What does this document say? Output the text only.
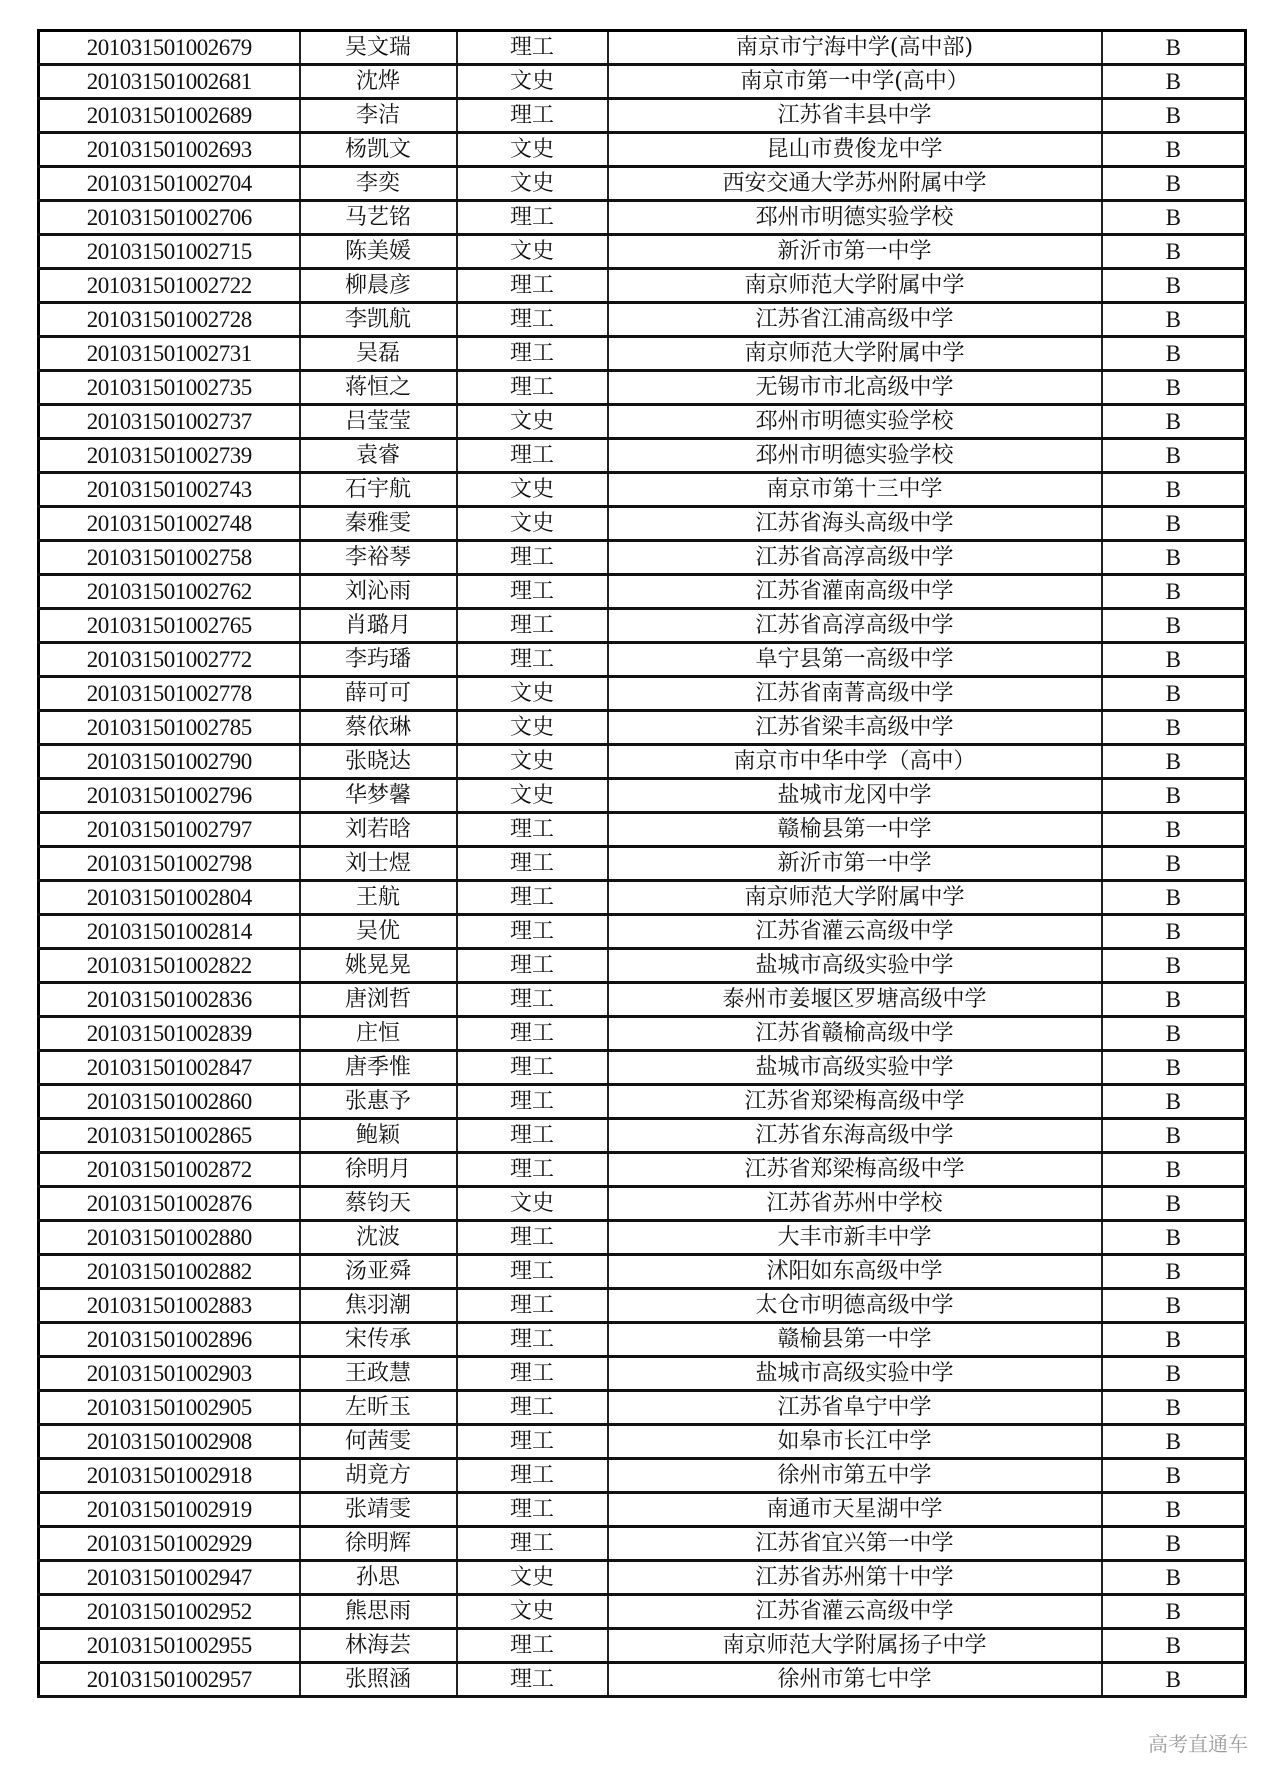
201031501002679	吴文瑞	理工	南京市宁海中学(高中部)	B
201031501002681	沈烨	文史	南京市第一中学(高中）	B
201031501002689	李洁	理工	江苏省丰县中学	B
201031501002693	杨凯文	文史	昆山市费俊龙中学	B
201031501002704	李奕	文史	西安交通大学苏州附属中学	B
201031501002706	马艺铭	理工	邳州市明德实验学校	B
201031501002715	陈美媛	文史	新沂市第一中学	B
201031501002722	柳晨彦	理工	南京师范大学附属中学	B
201031501002728	李凯航	理工	江苏省江浦高级中学	B
201031501002731	吴磊	理工	南京师范大学附属中学	B
201031501002735	蒋恒之	理工	无锡市市北高级中学	B
201031501002737	吕莹莹	文史	邳州市明德实验学校	B
201031501002739	袁睿	理工	邳州市明德实验学校	B
201031501002743	石宇航	文史	南京市第十三中学	B
201031501002748	秦雅雯	文史	江苏省海头高级中学	B
201031501002758	李裕琴	理工	江苏省高淳高级中学	B
201031501002762	刘沁雨	理工	江苏省灌南高级中学	B
201031501002765	肖璐月	理工	江苏省高淳高级中学	B
201031501002772	李玙璠	理工	阜宁县第一高级中学	B
201031501002778	薛可可	文史	江苏省南菁高级中学	B
201031501002785	蔡依琳	文史	江苏省梁丰高级中学	B
201031501002790	张晓达	文史	南京市中华中学（高中）	B
201031501002796	华梦馨	文史	盐城市龙冈中学	B
201031501002797	刘若晗	理工	赣榆县第一中学	B
201031501002798	刘士煜	理工	新沂市第一中学	B
201031501002804	王航	理工	南京师范大学附属中学	B
201031501002814	吴优	理工	江苏省灌云高级中学	B
201031501002822	姚晃晃	理工	盐城市高级实验中学	B
201031501002836	唐浏哲	理工	泰州市姜堰区罗塘高级中学	B
201031501002839	庄恒	理工	江苏省赣榆高级中学	B
201031501002847	唐季惟	理工	盐城市高级实验中学	B
201031501002860	张惠予	理工	江苏省郑梁梅高级中学	B
201031501002865	鲍颖	理工	江苏省东海高级中学	B
201031501002872	徐明月	理工	江苏省郑梁梅高级中学	B
201031501002876	蔡钧天	文史	江苏省苏州中学校	B
201031501002880	沈波	理工	大丰市新丰中学	B
201031501002882	汤亚舜	理工	沭阳如东高级中学	B
201031501002883	焦羽潮	理工	太仓市明德高级中学	B
201031501002896	宋传承	理工	赣榆县第一中学	B
201031501002903	王政慧	理工	盐城市高级实验中学	B
201031501002905	左昕玉	理工	江苏省阜宁中学	B
201031501002908	何茜雯	理工	如皋市长江中学	B
201031501002918	胡竟方	理工	徐州市第五中学	B
201031501002919	张靖雯	理工	南通市天星湖中学	B
201031501002929	徐明辉	理工	江苏省宜兴第一中学	B
201031501002947	孙思	文史	江苏省苏州第十中学	B
201031501002952	熊思雨	文史	江苏省灌云高级中学	B
201031501002955	林海芸	理工	南京师范大学附属扬子中学	B
201031501002957	张照涵	理工	徐州市第七中学	B
高考直通车
